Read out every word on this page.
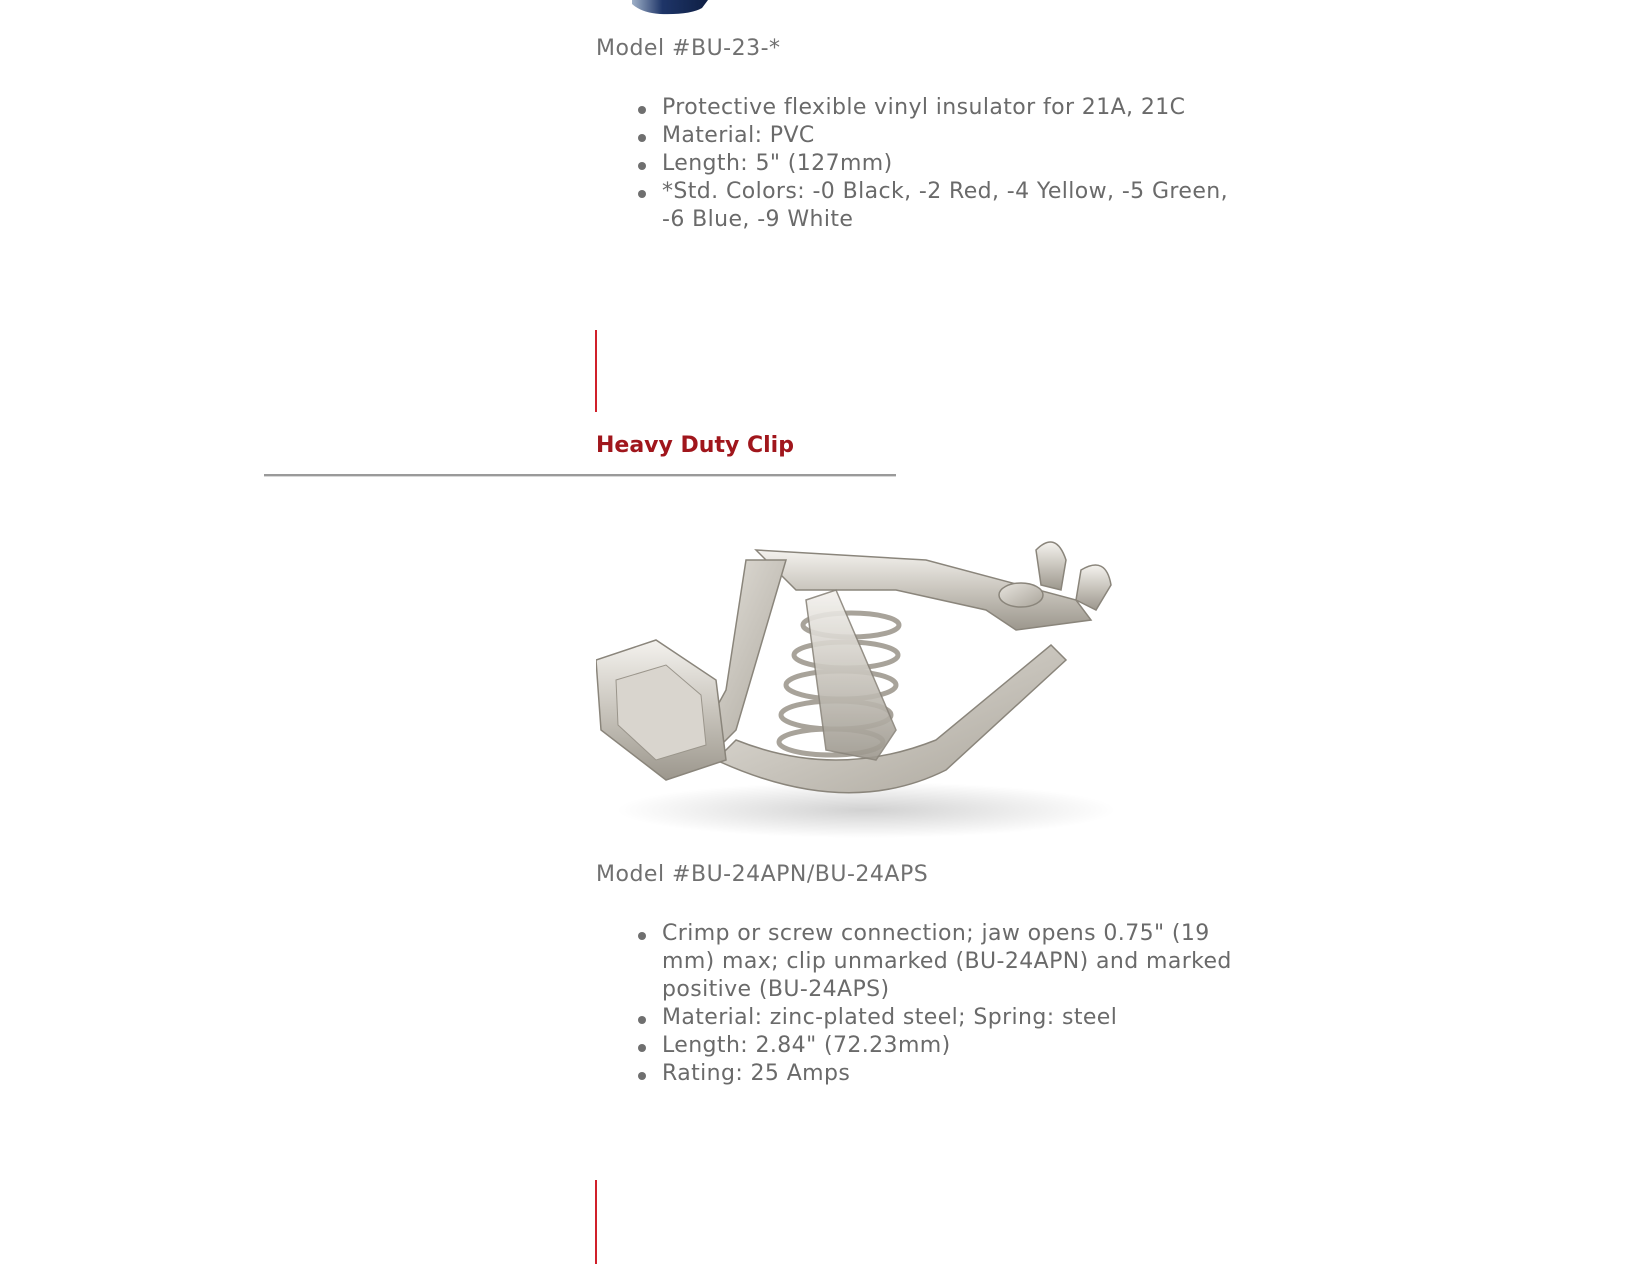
Model #BU-23-*

Protective flexible vinyl insulator for 21A, 21C
Material: PVC
Length: 5" (127mm)
*Std. Colors: -0 Black, -2 Red, -4 Yellow, -5 Green, -6 Blue, -9 White
Heavy Duty Clip

Model #BU-24APN/BU-24APS

Crimp or screw connection; jaw opens 0.75" (19 mm) max; clip unmarked (BU-24APN) and marked positive (BU-24APS)
Material: zinc-plated steel; Spring: steel
Length: 2.84" (72.23mm)
Rating: 25 Amps
